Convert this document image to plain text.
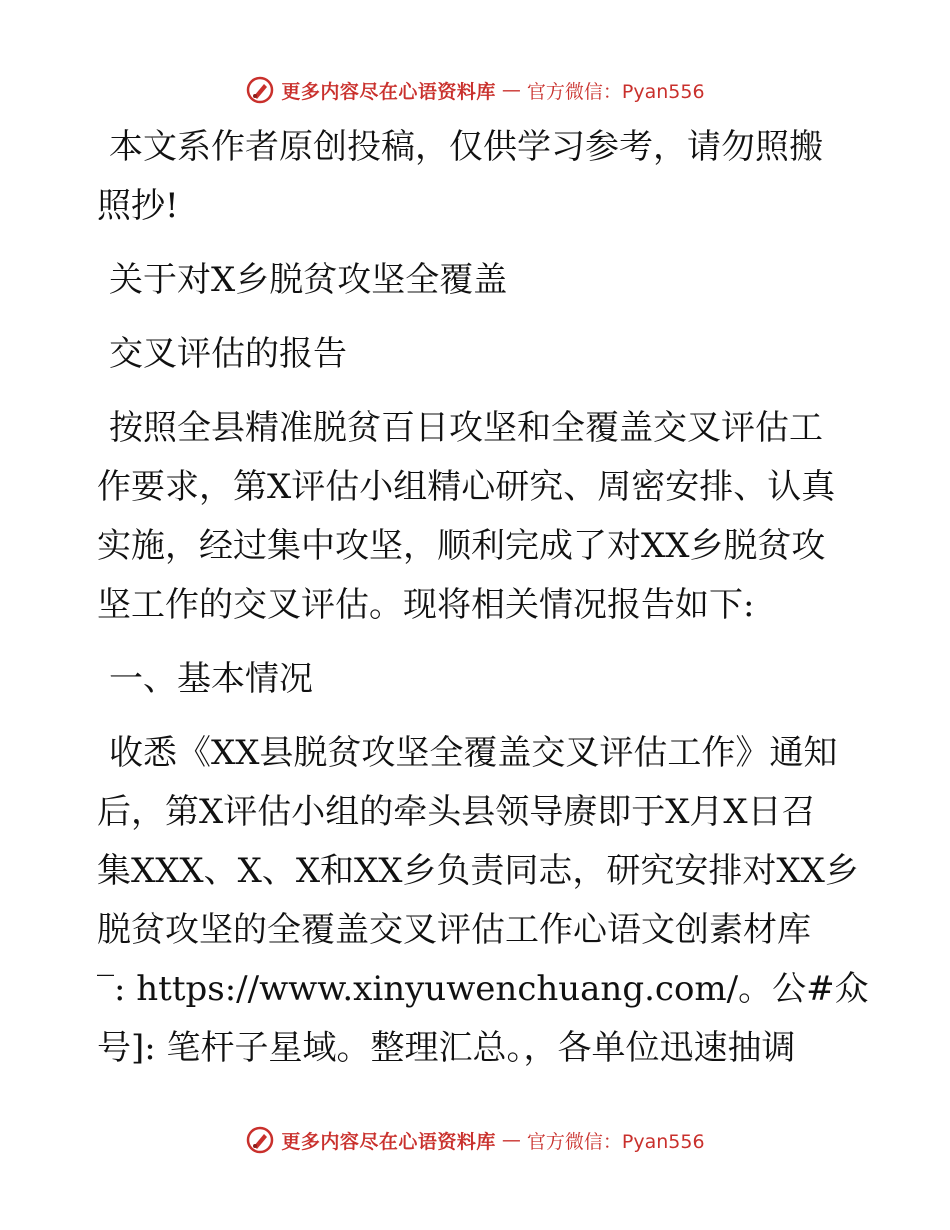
更多内容尽在心语资料库 — 官方微信：Pyan556
本文系作者原创投稿，仅供学习参考，请勿照搬
照抄!
关于对X乡脱贫攻坚全覆盖
交叉评估的报告
按照全县精准脱贫百日攻坚和全覆盖交叉评估工
作要求，第X评估小组精心研究、周密安排、认真
实施，经过集中攻坚，顺利完成了对XX乡脱贫攻
坚工作的交叉评估。现将相关情况报告如下:
一、基本情况
收悉《XX县脱贫攻坚全覆盖交叉评估工作》通知
后，第X评估小组的牵头县领导赓即于X月X日召
集XXX、X、X和XX乡负责同志，研究安排对XX乡
脱贫攻坚的全覆盖交叉评估工作心语文创素材库
‾: https://www.xinyuwenchuang.com/。公#众
号]: 笔杆子星域。整理汇总。，各单位迅速抽调
更多内容尽在心语资料库 — 官方微信：Pyan556
